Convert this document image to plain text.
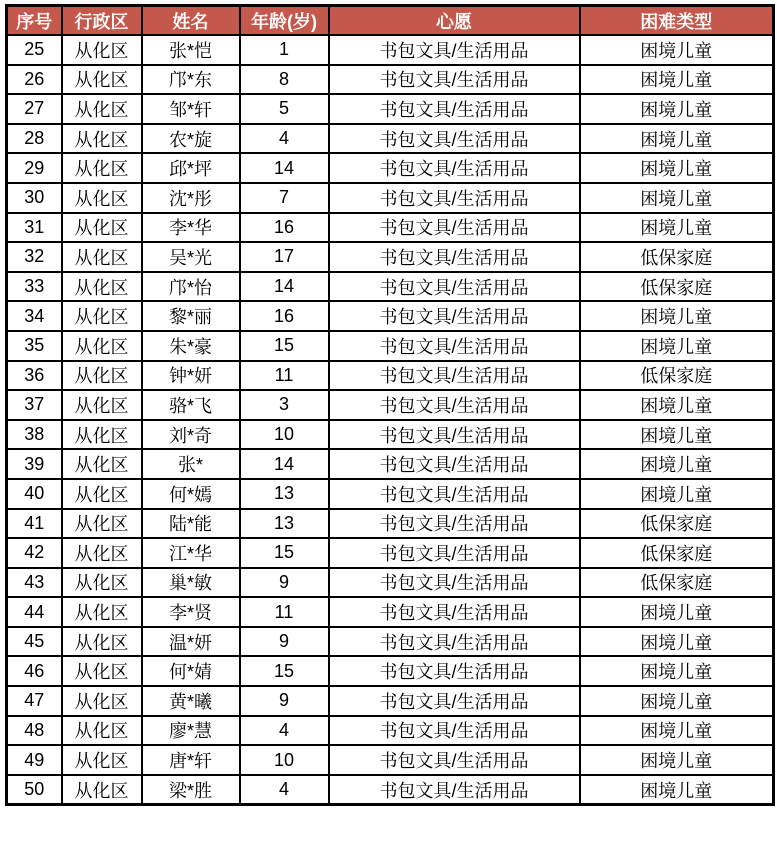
序号	行政区	姓名	年龄(岁)	心愿	困难类型
25	从化区	张*恺	1	书包文具/生活用品	困境儿童
26	从化区	邝*东	8	书包文具/生活用品	困境儿童
27	从化区	邹*轩	5	书包文具/生活用品	困境儿童
28	从化区	农*旋	4	书包文具/生活用品	困境儿童
29	从化区	邱*坪	14	书包文具/生活用品	困境儿童
30	从化区	沈*彤	7	书包文具/生活用品	困境儿童
31	从化区	李*华	16	书包文具/生活用品	困境儿童
32	从化区	吴*光	17	书包文具/生活用品	低保家庭
33	从化区	邝*怡	14	书包文具/生活用品	低保家庭
34	从化区	黎*丽	16	书包文具/生活用品	困境儿童
35	从化区	朱*豪	15	书包文具/生活用品	困境儿童
36	从化区	钟*妍	11	书包文具/生活用品	低保家庭
37	从化区	骆*飞	3	书包文具/生活用品	困境儿童
38	从化区	刘*奇	10	书包文具/生活用品	困境儿童
39	从化区	张*	14	书包文具/生活用品	困境儿童
40	从化区	何*嫣	13	书包文具/生活用品	困境儿童
41	从化区	陆*能	13	书包文具/生活用品	低保家庭
42	从化区	江*华	15	书包文具/生活用品	低保家庭
43	从化区	巢*敏	9	书包文具/生活用品	低保家庭
44	从化区	李*贤	11	书包文具/生活用品	困境儿童
45	从化区	温*妍	9	书包文具/生活用品	困境儿童
46	从化区	何*婧	15	书包文具/生活用品	困境儿童
47	从化区	黄*曦	9	书包文具/生活用品	困境儿童
48	从化区	廖*慧	4	书包文具/生活用品	困境儿童
49	从化区	唐*轩	10	书包文具/生活用品	困境儿童
50	从化区	梁*胜	4	书包文具/生活用品	困境儿童
